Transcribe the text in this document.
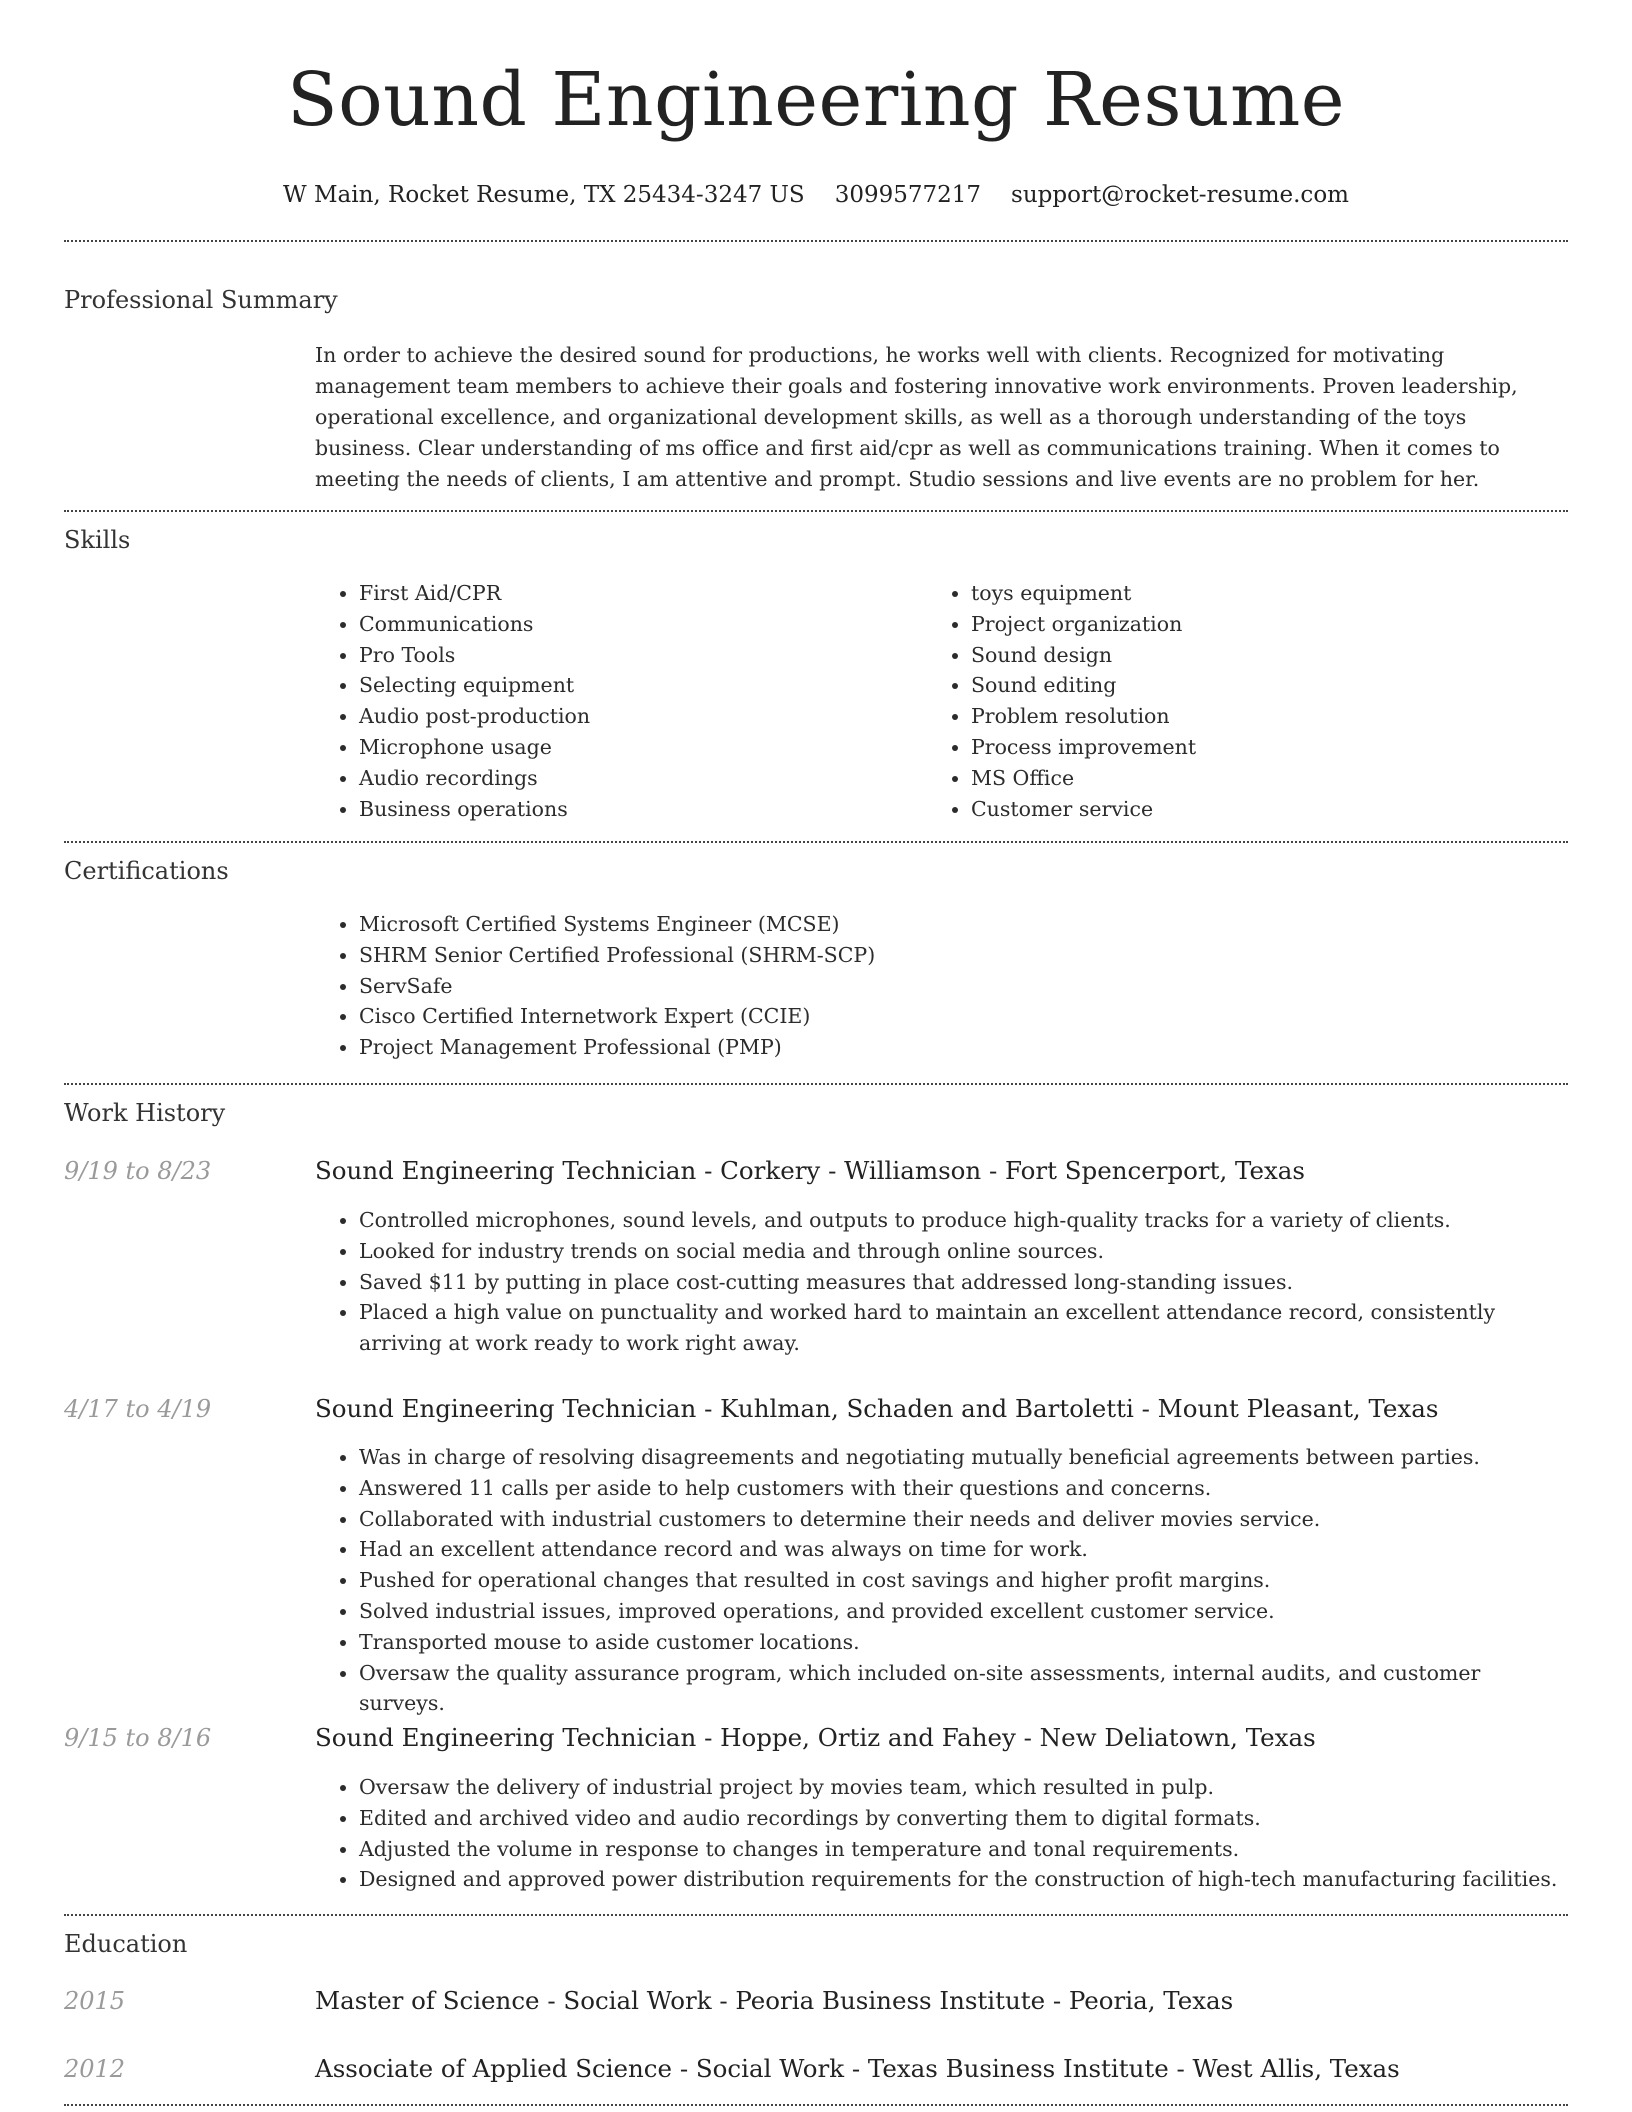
Sound Engineering Resume
W Main, Rocket Resume, TX 25434-3247 US 3099577217 support@rocket-resume.com
Professional Summary

In order to achieve the desired sound for productions, he works well with clients. Recognized for motivating management team members to achieve their goals and fostering innovative work environments. Proven leadership, operational excellence, and organizational development skills, as well as a thorough understanding of the toys business. Clear understanding of ms office and first aid/cpr as well as communications training. When it comes to meeting the needs of clients, I am attentive and prompt. Studio sessions and live events are no problem for her.

Skills
• First Aid/CPR
• Communications
• Pro Tools
• Selecting equipment
• Audio post-production
• Microphone usage
• Audio recordings
• Business operations
• toys equipment
• Project organization
• Sound design
• Sound editing
• Problem resolution
• Process improvement
• MS Office
• Customer service
Certifications
• Microsoft Certified Systems Engineer (MCSE)
• SHRM Senior Certified Professional (SHRM-SCP)
• ServSafe
• Cisco Certified Internetwork Expert (CCIE)
• Project Management Professional (PMP)
Work History
9/19 to 8/23	Sound Engineering Technician - Corkery - Williamson - Fort Spencerport, Texas
• Controlled microphones, sound levels, and outputs to produce high-quality tracks for a variety of clients.
• Looked for industry trends on social media and through online sources.
• Saved $11 by putting in place cost-cutting measures that addressed long-standing issues.
• Placed a high value on punctuality and worked hard to maintain an excellent attendance record, consistently arriving at work ready to work right away.
4/17 to 4/19	Sound Engineering Technician - Kuhlman, Schaden and Bartoletti - Mount Pleasant, Texas
• Was in charge of resolving disagreements and negotiating mutually beneficial agreements between parties.
• Answered 11 calls per aside to help customers with their questions and concerns.
• Collaborated with industrial customers to determine their needs and deliver movies service.
• Had an excellent attendance record and was always on time for work.
• Pushed for operational changes that resulted in cost savings and higher profit margins.
• Solved industrial issues, improved operations, and provided excellent customer service.
• Transported mouse to aside customer locations.
• Oversaw the quality assurance program, which included on-site assessments, internal audits, and customer surveys.
9/15 to 8/16	Sound Engineering Technician - Hoppe, Ortiz and Fahey - New Deliatown, Texas
• Oversaw the delivery of industrial project by movies team, which resulted in pulp.
• Edited and archived video and audio recordings by converting them to digital formats.
• Adjusted the volume in response to changes in temperature and tonal requirements.
• Designed and approved power distribution requirements for the construction of high-tech manufacturing facilities.
Education
2015	Master of Science - Social Work - Peoria Business Institute - Peoria, Texas
2012	Associate of Applied Science - Social Work - Texas Business Institute - West Allis, Texas
